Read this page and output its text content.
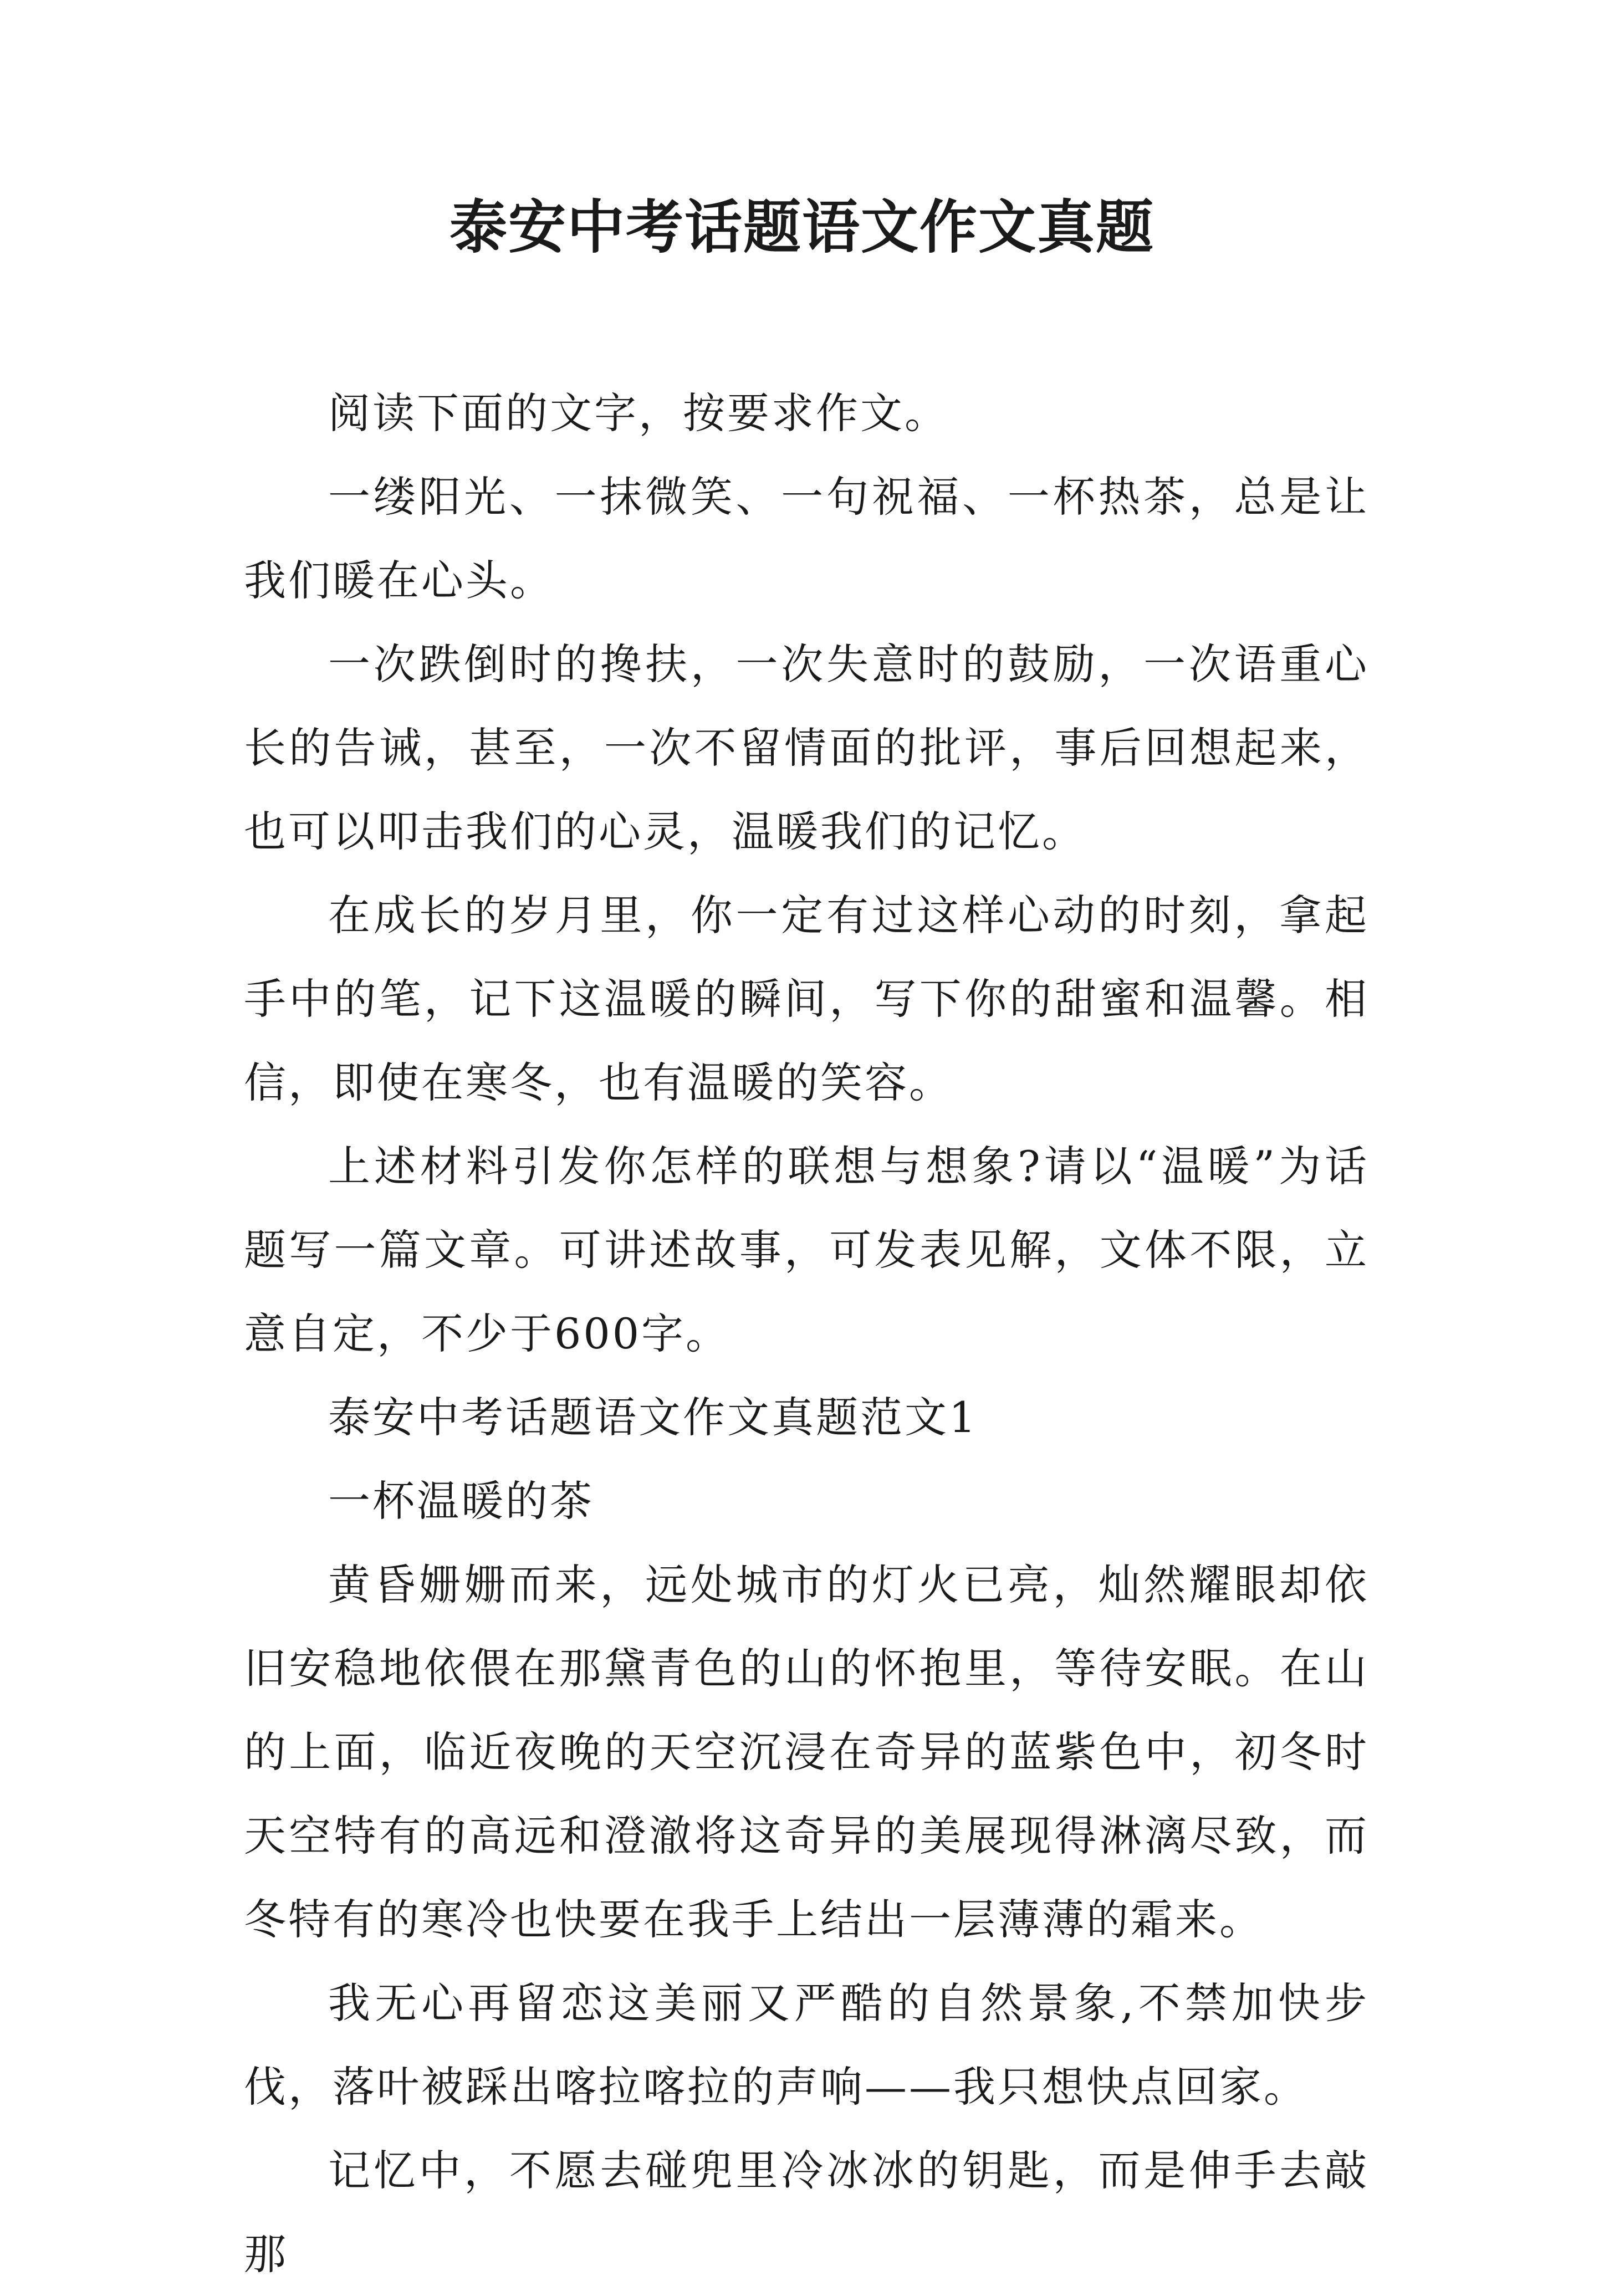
泰安中考话题语文作文真题

阅读下面的文字，按要求作文。

一缕阳光、一抹微笑、一句祝福、一杯热茶，总是让我们暖在心头。

一次跌倒时的搀扶，一次失意时的鼓励，一次语重心长的告诫，甚至，一次不留情面的批评，事后回想起来，也可以叩击我们的心灵，温暖我们的记忆。

在成长的岁月里，你一定有过这样心动的时刻，拿起手中的笔，记下这温暖的瞬间，写下你的甜蜜和温馨。相信，即使在寒冬，也有温暖的笑容。

上述材料引发你怎样的联想与想象?请以“温暖”为话题写一篇文章。可讲述故事，可发表见解，文体不限，立意自定，不少于600字。

泰安中考话题语文作文真题范文1

一杯温暖的茶

黄昏姗姗而来，远处城市的灯火已亮，灿然耀眼却依旧安稳地依偎在那黛青色的山的怀抱里，等待安眠。在山的上面，临近夜晚的天空沉浸在奇异的蓝紫色中，初冬时天空特有的高远和澄澈将这奇异的美展现得淋漓尽致，而冬特有的寒冷也快要在我手上结出一层薄薄的霜来。

我无心再留恋这美丽又严酷的自然景象,不禁加快步伐，落叶被踩出喀拉喀拉的声响——我只想快点回家。

记忆中，不愿去碰兜里冷冰冰的钥匙，而是伸手去敲那
